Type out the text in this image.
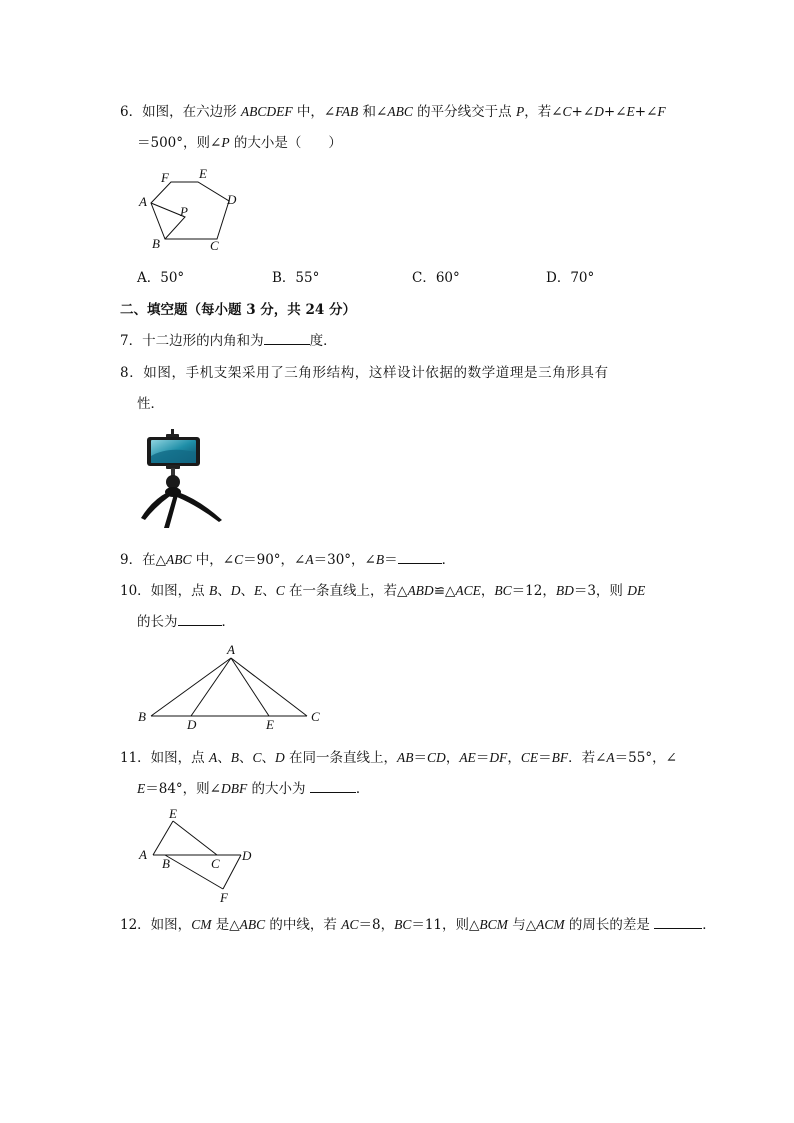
6．如图，在六边形 ABCDEF 中，∠FAB 和∠ABC 的平分线交于点 P，若∠C+∠D+∠E+∠F
＝500°，则∠P 的大小是（　　）
A
F E
D
C
B
P
A．50°	B．55°	C．60°	D．70°
二、填空题（每小题 3 分，共 24 分）
7．十二边形的内角和为	度．
8．如图，手机支架采用了三角形结构，这样设计依据的数学道理是三角形具有
性．
9．在△ABC 中，∠C＝90°，∠A＝30°，∠B＝	．
10．如图，点 B、D、E、C 在一条直线上，若△ABD≌△ACE，BC＝12，BD＝3，则 DE
的长为	．
A
B
D	E
C
11．如图，点 A、B、C、D 在同一条直线上，AB＝CD，AE＝DF，CE＝BF．若∠A＝55°，∠
E＝84°，则∠DBF 的大小为	．
E
A
B	C
D
F
12．如图，CM 是△ABC 的中线，若 AC＝8，BC＝11，则△BCM 与△ACM 的周长的差是	．
